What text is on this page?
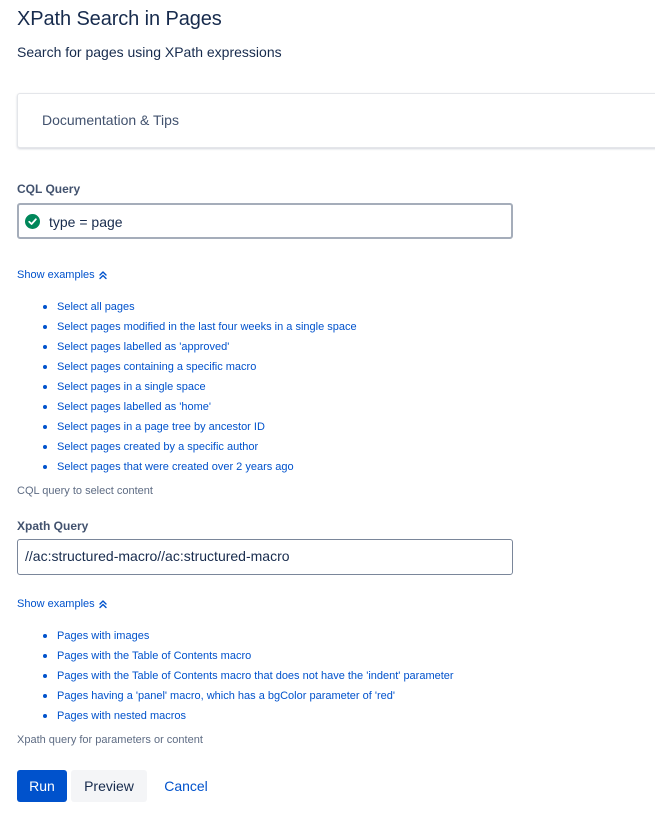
XPath Search in Pages
Search for pages using XPath expressions
Documentation & Tips
CQL Query
type = page
Show examples
Select all pages
Select pages modified in the last four weeks in a single space
Select pages labelled as 'approved'
Select pages containing a specific macro
Select pages in a single space
Select pages labelled as 'home'
Select pages in a page tree by ancestor ID
Select pages created by a specific author
Select pages that were created over 2 years ago
CQL query to select content
Xpath Query
//ac:structured-macro//ac:structured-macro
Show examples
Pages with images
Pages with the Table of Contents macro
Pages with the Table of Contents macro that does not have the 'indent' parameter
Pages having a 'panel' macro, which has a bgColor parameter of 'red'
Pages with nested macros
Xpath query for parameters or content
Run	Preview	Cancel
